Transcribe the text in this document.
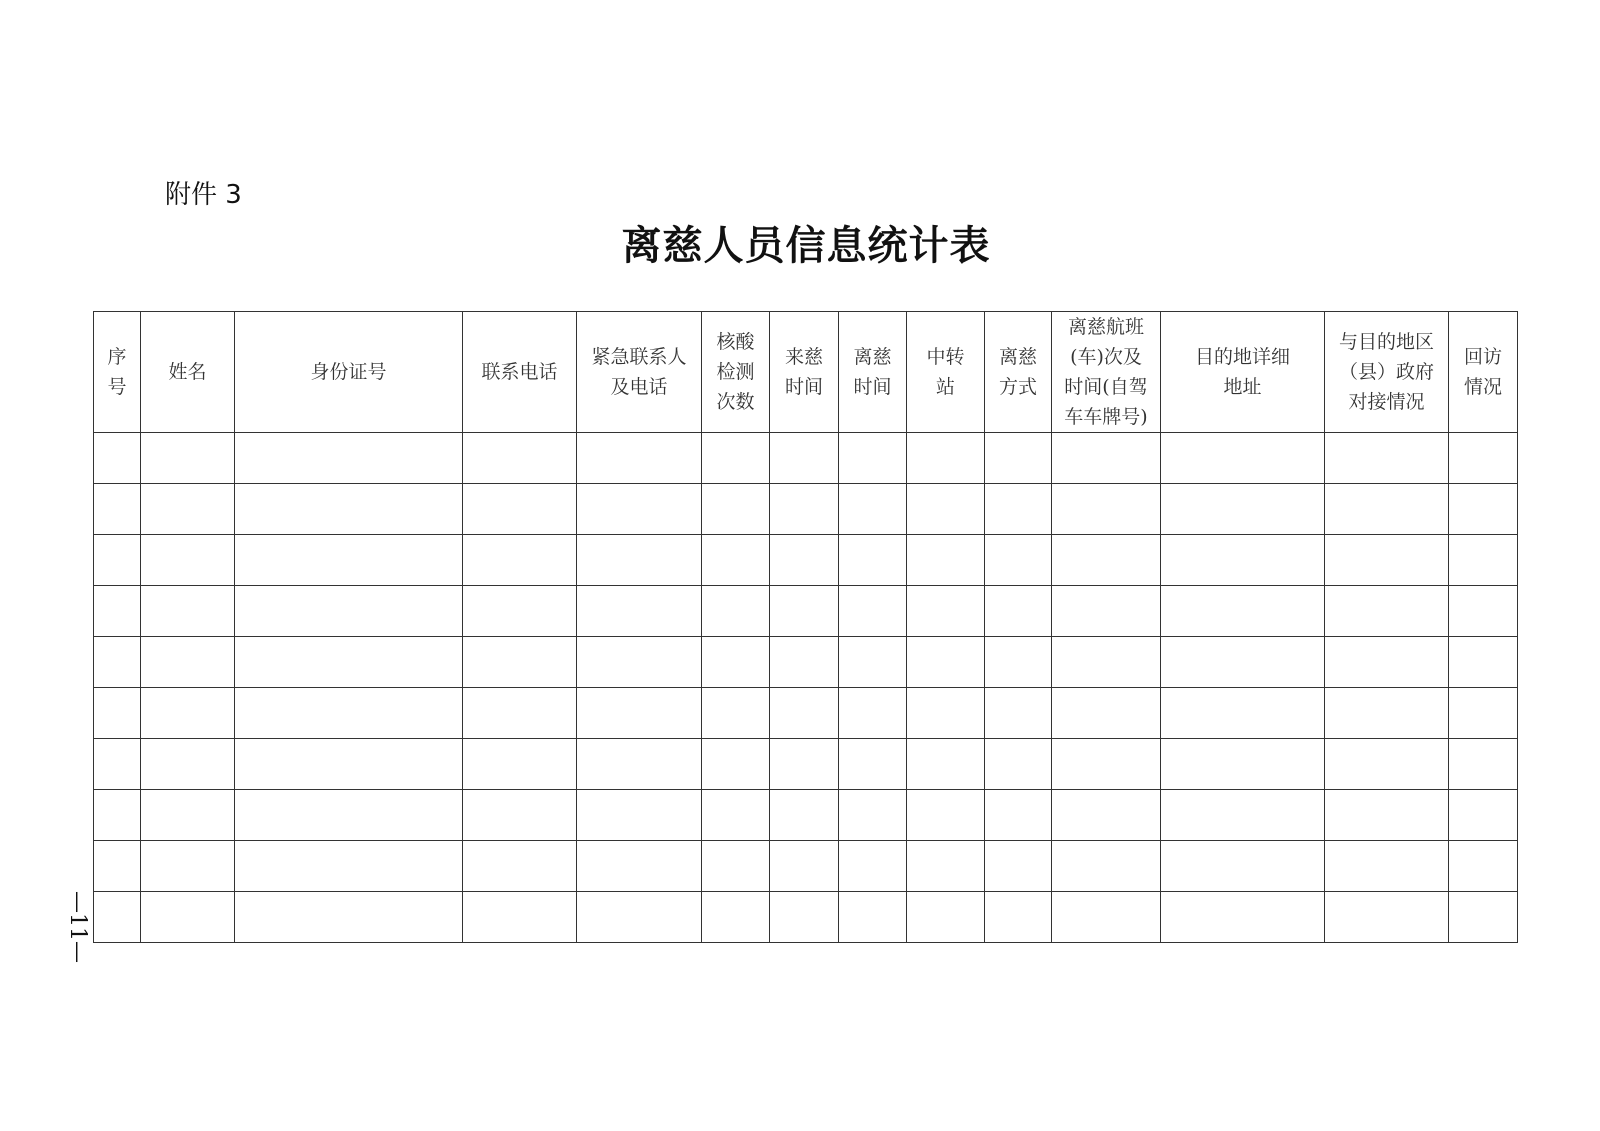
附件 3
离慈人员信息统计表
序
号	姓名	身份证号	联系电话	紧急联系人
及电话	核酸
检测
次数	来慈
时间	离慈
时间	中转
站	离慈
方式	离慈航班
(车)次及
时间(自驾
车车牌号)	目的地详细
地址	与目的地区
（县）政府
对接情况	回访
情况

—11—
